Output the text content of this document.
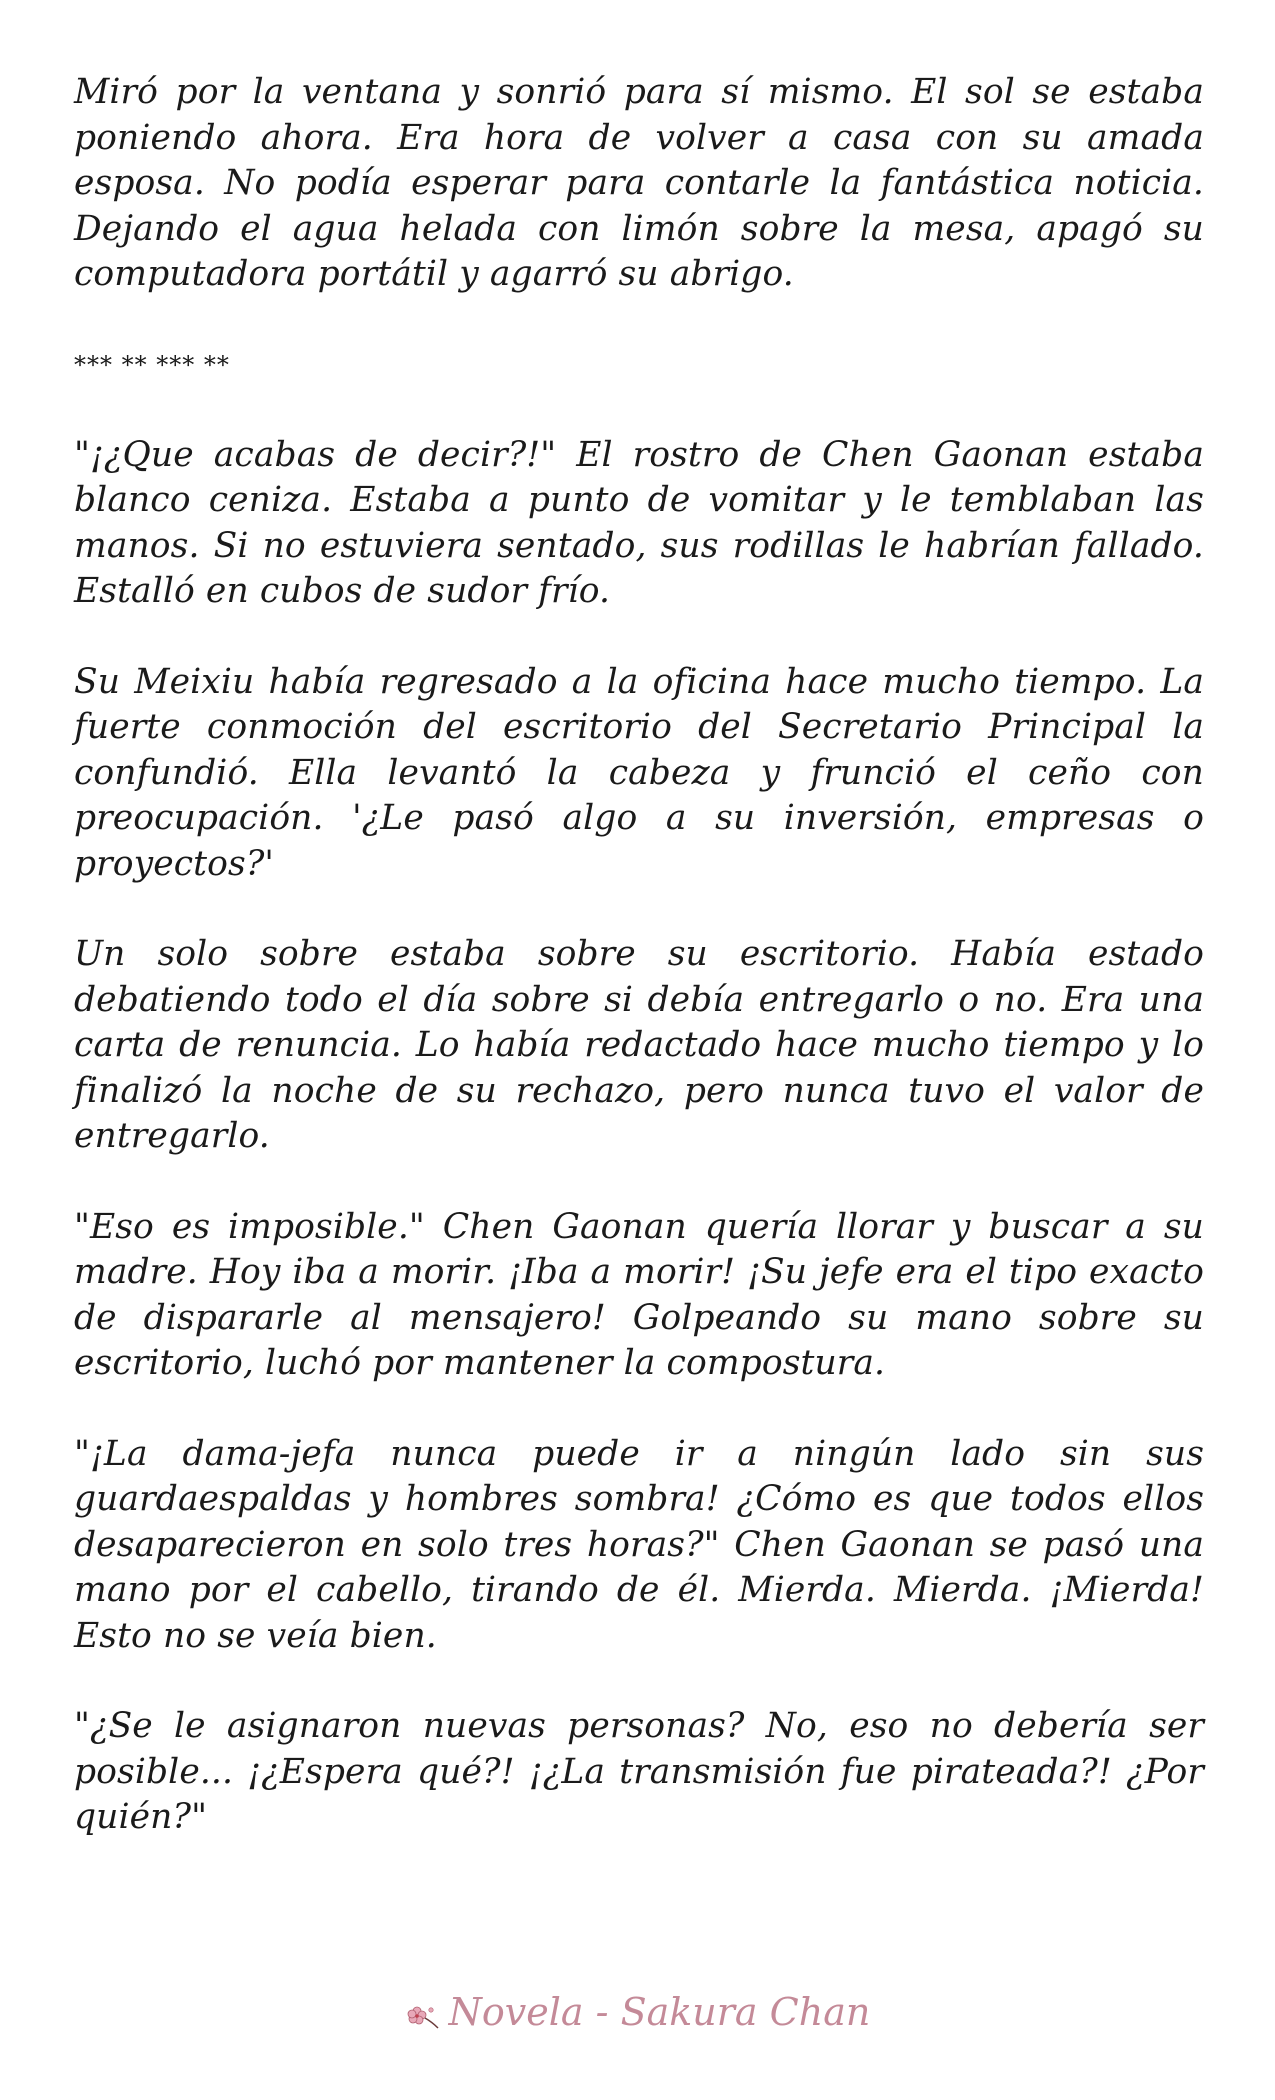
Miró por la ventana y sonrió para sí mismo. El sol se estaba poniendo ahora. Era hora de volver a casa con su amada esposa. No podía esperar para contarle la fantástica noticia. Dejando el agua helada con limón sobre la mesa, apagó su computadora portátil y agarró su abrigo.

*** ** *** **

"¡¿Que acabas de decir?!" El rostro de Chen Gaonan estaba blanco ceniza. Estaba a punto de vomitar y le temblaban las manos. Si no estuviera sentado, sus rodillas le habrían fallado. Estalló en cubos de sudor frío.

Su Meixiu había regresado a la oficina hace mucho tiempo. La fuerte conmoción del escritorio del Secretario Principal la confundió. Ella levantó la cabeza y frunció el ceño con preocupación. '¿Le pasó algo a su inversión, empresas o proyectos?'

Un solo sobre estaba sobre su escritorio. Había estado debatiendo todo el día sobre si debía entregarlo o no. Era una carta de renuncia. Lo había redactado hace mucho tiempo y lo finalizó la noche de su rechazo, pero nunca tuvo el valor de entregarlo.

"Eso es imposible." Chen Gaonan quería llorar y buscar a su madre. Hoy iba a morir. ¡Iba a morir! ¡Su jefe era el tipo exacto de dispararle al mensajero! Golpeando su mano sobre su escritorio, luchó por mantener la compostura.

"¡La dama-jefa nunca puede ir a ningún lado sin sus guardaespaldas y hombres sombra! ¿Cómo es que todos ellos desaparecieron en solo tres horas?" Chen Gaonan se pasó una mano por el cabello, tirando de él. Mierda. Mierda. ¡Mierda! Esto no se veía bien.

"¿Se le asignaron nuevas personas? No, eso no debería ser posible... ¡¿Espera qué?! ¡¿La transmisión fue pirateada?! ¿Por quién?"

Novela - Sakura Chan
